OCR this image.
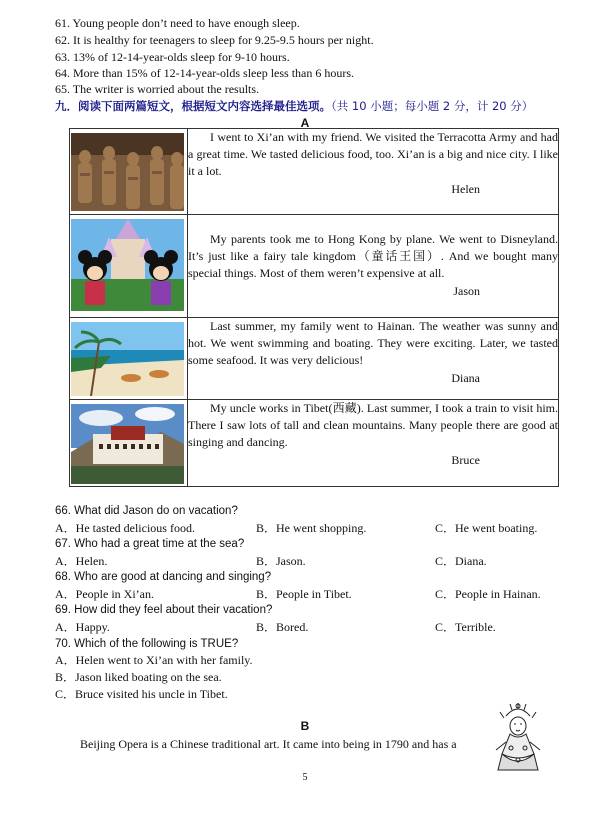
61. Young people don’t need to have enough sleep.
62. It is healthy for teenagers to sleep for 9.25-9.5 hours per night.
63. 13% of 12-14-year-olds sleep for 9-10 hours.
64. More than 15% of 12-14-year-olds sleep less than 6 hours.
65. The writer is worried about the results.
九．阅读下面两篇短文，根据短文内容选择最佳选项。（共 10 小题；每小题 2 分，计 20 分）
A

I went to Xi’an with my friend. We visited the Terracotta Army and had a great time. We tasted delicious food, too. Xi’an is a big and nice city. I like it a lot.

Helen

My parents took me to Hong Kong by plane. We went to Disneyland. It’s just like a fairy tale kingdom（童话王国）. And we bought many special things. Most of them weren’t expensive at all.

Jason

Last summer, my family went to Hainan. The weather was sunny and hot. We went swimming and boating. They were exciting. Later, we tasted some seafood. It was very delicious!

Diana

My uncle works in Tibet(西藏). Last summer, I took a train to visit him. There I saw lots of tall and clean mountains. Many people there are good at singing and dancing.

Bruce
66. What did Jason do on vacation?
A．He tasted delicious food.	B．He went shopping.	C．He went boating.
67. Who had a great time at the sea?
A．Helen.	B．Jason.	C．Diana.
68. Who are good at dancing and singing?
A．People in Xi’an.	B．People in Tibet.	C．People in Hainan.
69. How did they feel about their vacation?
A．Happy.	B．Bored.	C．Terrible.
70. Which of the following is TRUE?
A．Helen went to Xi’an with her family.
B．Jason liked boating on the sea.
C．Bruce visited his uncle in Tibet.
B
Beijing Opera is a Chinese traditional art. It came into being in 1790 and has a
5
